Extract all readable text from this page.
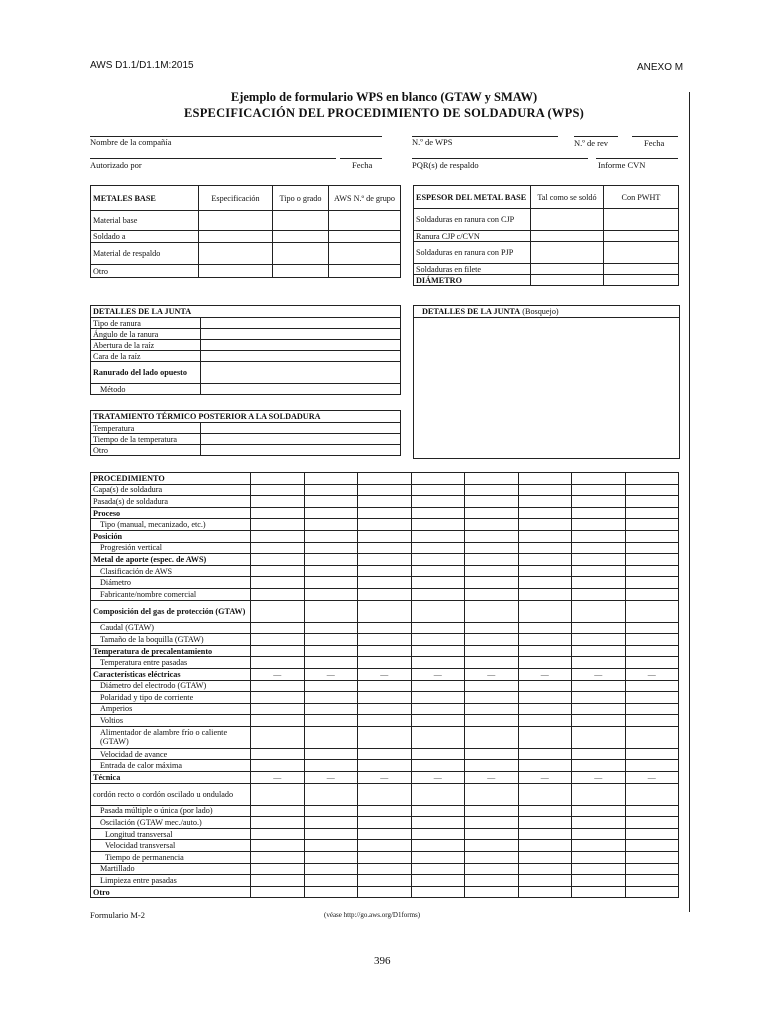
AWS D1.1/D1.1M:2015	ANEXO M
Ejemplo de formulario WPS en blanco (GTAW y SMAW)
ESPECIFICACIÓN DEL PROCEDIMIENTO DE SOLDADURA (WPS)
Nombre de la compañía	N.º de WPS	N.º de rev	Fecha
Autorizado por	Fecha	PQR(s) de respaldo	Informe CVN
METALES BASE	Especificación	Tipo o grado	AWS N.º de grupo
Material base			
Soldado a			
Material de respaldo			
Otro			
ESPESOR DEL METAL BASE	Tal como se soldó	Con PWHT
Soldaduras en ranura con CJP		
Ranura CJP c/CVN		
Soldaduras en ranura con PJP		
Soldaduras en filete		
DIÁMETRO		
DETALLES DE LA JUNTA	
Tipo de ranura	
Ángulo de la ranura	
Abertura de la raíz	
Cara de la raíz	
Ranurado del lado opuesto	
Método	
DETALLES DE LA JUNTA (Bosquejo)
TRATAMIENTO TÉRMICO POSTERIOR A LA SOLDADURA	
Temperatura	
Tiempo de la temperatura	
Otro	
PROCEDIMIENTO								
Capa(s) de soldadura								
Pasada(s) de soldadura								
Proceso								
Tipo (manual, mecanizado, etc.)								
Posición								
Progresión vertical								
Metal de aporte (espec. de AWS)								
Clasificación de AWS								
Diámetro								
Fabricante/nombre comercial								
Composición del gas de protección (GTAW)								
Caudal (GTAW)								
Tamaño de la boquilla (GTAW)								
Temperatura de precalentamiento								
Temperatura entre pasadas								
Características eléctricas	—	—	—	—	—	—	—	—
Diámetro del electrodo (GTAW)								
Polaridad y tipo de corriente								
Amperios								
Voltios								
Alimentador de alambre frío o caliente (GTAW)								
Velocidad de avance								
Entrada de calor máxima								
Técnica	—	—	—	—	—	—	—	—
cordón recto o cordón oscilado u ondulado								
Pasada múltiple o única (por lado)								
Oscilación (GTAW mec./auto.)								
Longitud transversal								
Velocidad transversal								
Tiempo de permanencia								
Martillado								
Limpieza entre pasadas								
Otro								
Formulario M-2	(véase http://go.aws.org/D1forms)
396
